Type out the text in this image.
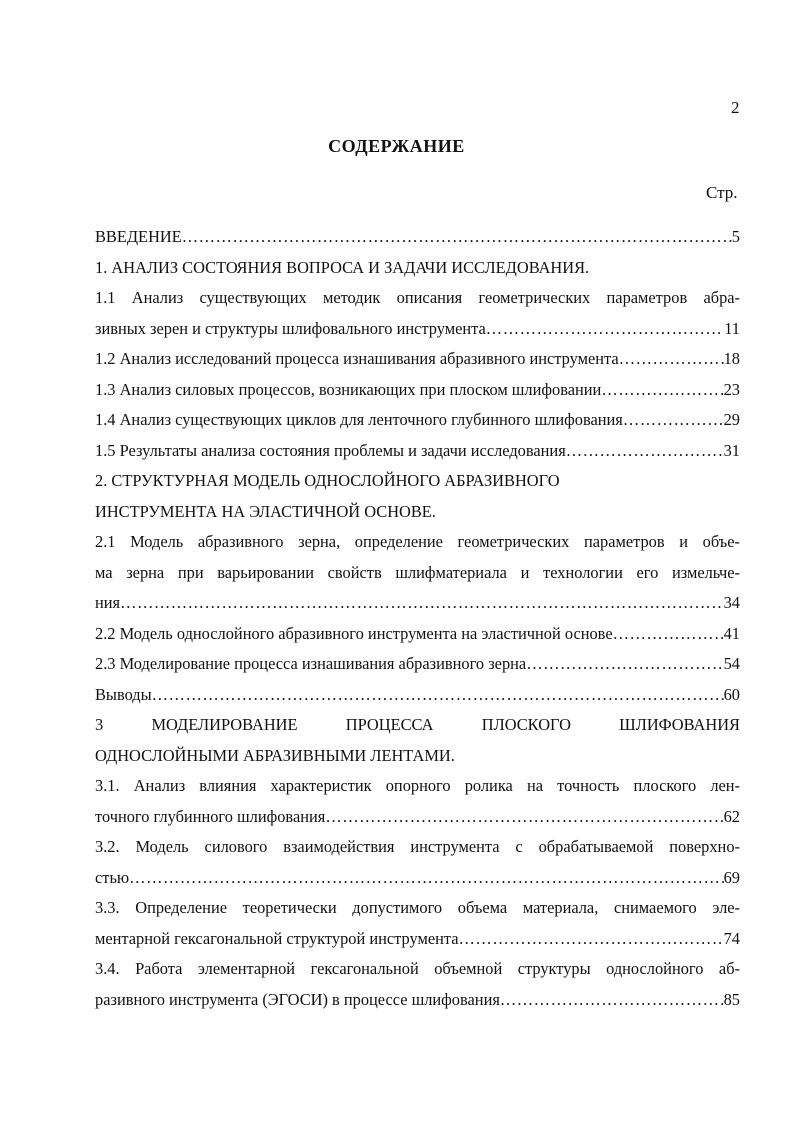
2
СОДЕРЖАНИЕ
Стр.
ВВЕДЕНИЕ …………………………………………………………………………………………………………………………………………………………	5
1. АНАЛИЗ СОСТОЯНИЯ ВОПРОСА И ЗАДАЧИ ИССЛЕДОВАНИЯ.
1.1 Анализ существующих методик описания геометрических параметров абра-
зивных зерен и структуры шлифовального инструмента …………………………………………………………………………………………………………………………………………………………	11
1.2 Анализ исследований процесса изнашивания абразивного инструмента …………………………………………………………………………………………………………………………………………………………	18
1.3 Анализ силовых процессов, возникающих при плоском шлифовании …………………………………………………………………………………………………………………………………………………………	23
1.4 Анализ существующих циклов для ленточного глубинного шлифования …………………………………………………………………………………………………………………………………………………………	29
1.5 Результаты анализа состояния проблемы и задачи исследования …………………………………………………………………………………………………………………………………………………………	31
2. СТРУКТУРНАЯ МОДЕЛЬ ОДНОСЛОЙНОГО АБРАЗИВНОГО
ИНСТРУМЕНТА НА ЭЛАСТИЧНОЙ ОСНОВЕ.
2.1 Модель абразивного зерна, определение геометрических параметров и объе-
ма зерна при варьировании свойств шлифматериала и технологии его измельче-
ния …………………………………………………………………………………………………………………………………………………………	34
2.2 Модель однослойного абразивного инструмента на эластичной основе …………………………………………………………………………………………………………………………………………………………	41
2.3 Моделирование процесса изнашивания абразивного зерна …………………………………………………………………………………………………………………………………………………………	54
Выводы …………………………………………………………………………………………………………………………………………………………	60
3 МОДЕЛИРОВАНИЕ ПРОЦЕССА ПЛОСКОГО ШЛИФОВАНИЯ
ОДНОСЛОЙНЫМИ АБРАЗИВНЫМИ ЛЕНТАМИ.
3.1. Анализ влияния характеристик опорного ролика на точность плоского лен-
точного глубинного шлифования …………………………………………………………………………………………………………………………………………………………	62
3.2. Модель силового взаимодействия инструмента с обрабатываемой поверхно-
стью …………………………………………………………………………………………………………………………………………………………	69
3.3. Определение теоретически допустимого объема материала, снимаемого эле-
ментарной гексагональной структурой инструмента …………………………………………………………………………………………………………………………………………………………	74
3.4. Работа элементарной гексагональной объемной структуры однослойного аб-
разивного инструмента (ЭГОСИ) в процессе шлифования …………………………………………………………………………………………………………………………………………………………	85
